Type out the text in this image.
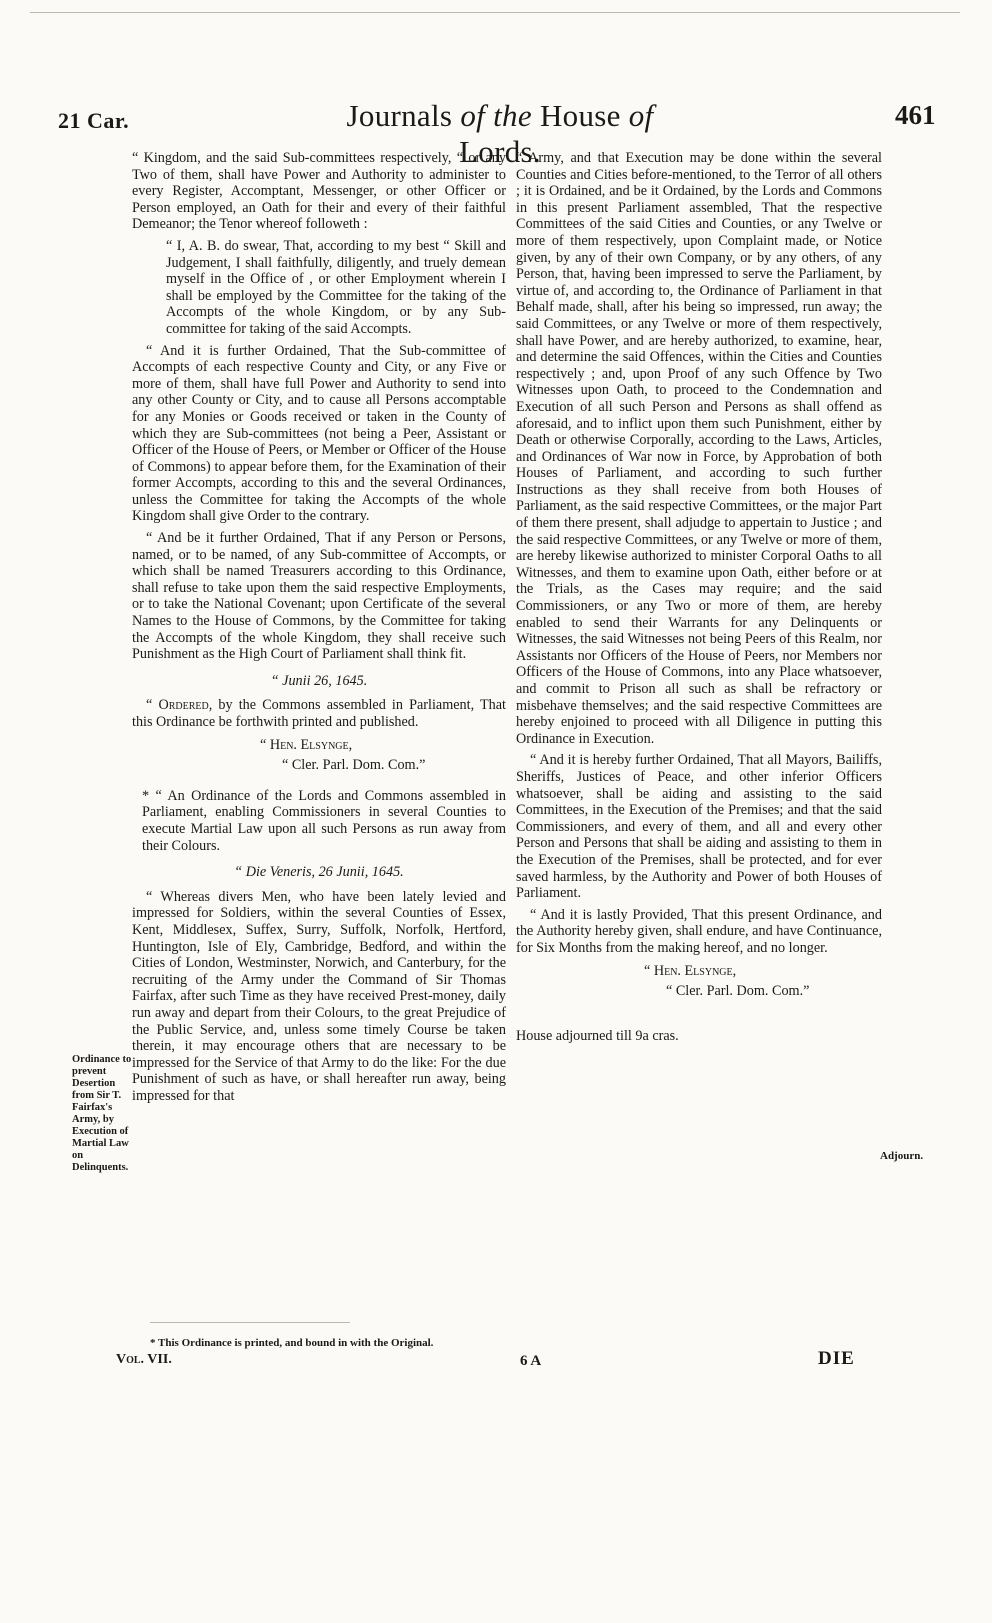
21 Car.	Journals of the House of Lords.
461

“ Kingdom, and the said Sub-committees respectively, “ or any Two of them, shall have Power and Authority to administer to every Register, Accomptant, Messenger, or other Officer or Person employed, an Oath for their and every of their faithful Demeanor; the Tenor whereof followeth :

“ I, A. B. do swear, That, according to my best “ Skill and Judgement, I shall faithfully, diligently, and truely demean myself in the Office of , or other Employment wherein I shall be employed by the Committee for the taking of the Accompts of the whole Kingdom, or by any Sub-committee for taking of the said Accompts.

“ And it is further Ordained, That the Sub-committee of Accompts of each respective County and City, or any Five or more of them, shall have full Power and Authority to send into any other County or City, and to cause all Persons accomptable for any Monies or Goods received or taken in the County of which they are Sub-committees (not being a Peer, Assistant or Officer of the House of Peers, or Member or Officer of the House of Commons) to appear before them, for the Examination of their former Accompts, according to this and the several Ordinances, unless the Committee for taking the Accompts of the whole Kingdom shall give Order to the contrary.

“ And be it further Ordained, That if any Person or Persons, named, or to be named, of any Sub-committee of Accompts, or which shall be named Treasurers according to this Ordinance, shall refuse to take upon them the said respective Employments, or to take the National Covenant; upon Certificate of the several Names to the House of Commons, by the Committee for taking the Accompts of the whole Kingdom, they shall receive such Punishment as the High Court of Parliament shall think fit.

“ Junii 26, 1645.

“ Ordered, by the Commons assembled in Parliament, That this Ordinance be forthwith printed and published.

“ Hen. Elsynge,

“ Cler. Parl. Dom. Com.”

* “ An Ordinance of the Lords and Commons assembled in Parliament, enabling Commissioners in several Counties to execute Martial Law upon all such Persons as run away from their Colours.

“ Die Veneris, 26 Junii, 1645.

“ Whereas divers Men, who have been lately levied and impressed for Soldiers, within the several Counties of Essex, Kent, Middlesex, Suffex, Surry, Suffolk, Norfolk, Hertford, Huntington, Isle of Ely, Cambridge, Bedford, and within the Cities of London, Westminster, Norwich, and Canterbury, for the recruiting of the Army under the Command of Sir Thomas Fairfax, after such Time as they have received Prest-money, daily run away and depart from their Colours, to the great Prejudice of the Public Service, and, unless some timely Course be taken therein, it may encourage others that are necessary to be impressed for the Service of that Army to do the like: For the due Punishment of such as have, or shall hereafter run away, being impressed for that

“ Army, and that Execution may be done within the several Counties and Cities before-mentioned, to the Terror of all others ; it is Ordained, and be it Ordained, by the Lords and Commons in this present Parliament assembled, That the respective Committees of the said Cities and Counties, or any Twelve or more of them respectively, upon Complaint made, or Notice given, by any of their own Company, or by any others, of any Person, that, having been impressed to serve the Parliament, by virtue of, and according to, the Ordinance of Parliament in that Behalf made, shall, after his being so impressed, run away; the said Committees, or any Twelve or more of them respectively, shall have Power, and are hereby authorized, to examine, hear, and determine the said Offences, within the Cities and Counties respectively ; and, upon Proof of any such Offence by Two Witnesses upon Oath, to proceed to the Condemnation and Execution of all such Person and Persons as shall offend as aforesaid, and to inflict upon them such Punishment, either by Death or otherwise Corporally, according to the Laws, Articles, and Ordinances of War now in Force, by Approbation of both Houses of Parliament, and according to such further Instructions as they shall receive from both Houses of Parliament, as the said respective Committees, or the major Part of them there present, shall adjudge to appertain to Justice ; and the said respective Committees, or any Twelve or more of them, are hereby likewise authorized to minister Corporal Oaths to all Witnesses, and them to examine upon Oath, either before or at the Trials, as the Cases may require; and the said Commissioners, or any Two or more of them, are hereby enabled to send their Warrants for any Delinquents or Witnesses, the said Witnesses not being Peers of this Realm, nor Assistants nor Officers of the House of Peers, nor Members nor Officers of the House of Commons, into any Place whatsoever, and commit to Prison all such as shall be refractory or misbehave themselves; and the said respective Committees are hereby enjoined to proceed with all Diligence in putting this Ordinance in Execution.

“ And it is hereby further Ordained, That all Mayors, Bailiffs, Sheriffs, Justices of Peace, and other inferior Officers whatsoever, shall be aiding and assisting to the said Committees, in the Execution of the Premises; and that the said Commissioners, and every of them, and all and every other Person and Persons that shall be aiding and assisting to them in the Execution of the Premises, shall be protected, and for ever saved harmless, by the Authority and Power of both Houses of Parliament.

“ And it is lastly Provided, That this present Ordinance, and the Authority hereby given, shall endure, and have Continuance, for Six Months from the making hereof, and no longer.

“ Hen. Elsynge,

“ Cler. Parl. Dom. Com.”

House adjourned till 9a cras.

Ordinance to prevent Desertion from Sir T. Fairfax's Army, by Execution of Martial Law on Delinquents.
Adjourn.
* This Ordinance is printed, and bound in with the Original.
Vol. VII.	6 A	DIE
